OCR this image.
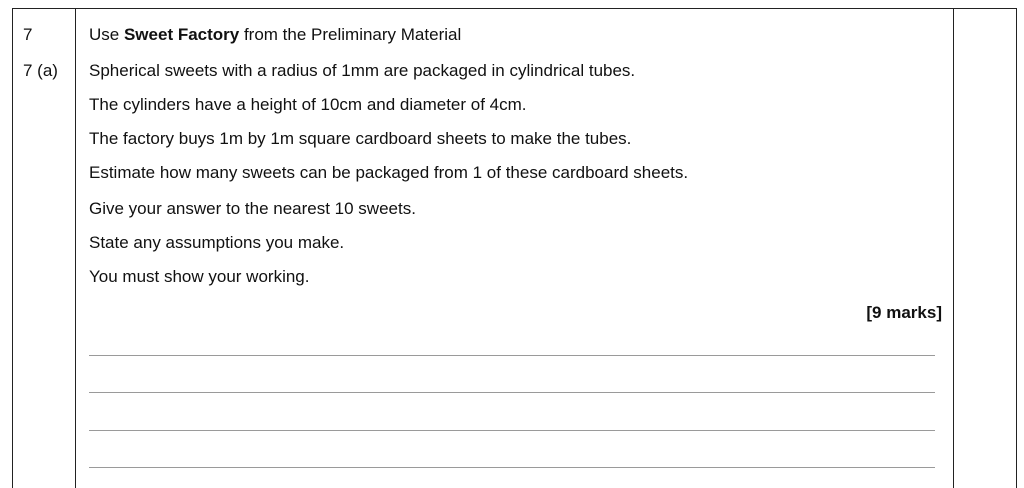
7
7 (a)
Use Sweet Factory from the Preliminary Material
Spherical sweets with a radius of 1mm are packaged in cylindrical tubes.
The cylinders have a height of 10cm and diameter of 4cm.
The factory buys 1m by 1m square cardboard sheets to make the tubes.
Estimate how many sweets can be packaged from 1 of these cardboard sheets.
Give your answer to the nearest 10 sweets.
State any assumptions you make.
You must show your working.
[9 marks]
